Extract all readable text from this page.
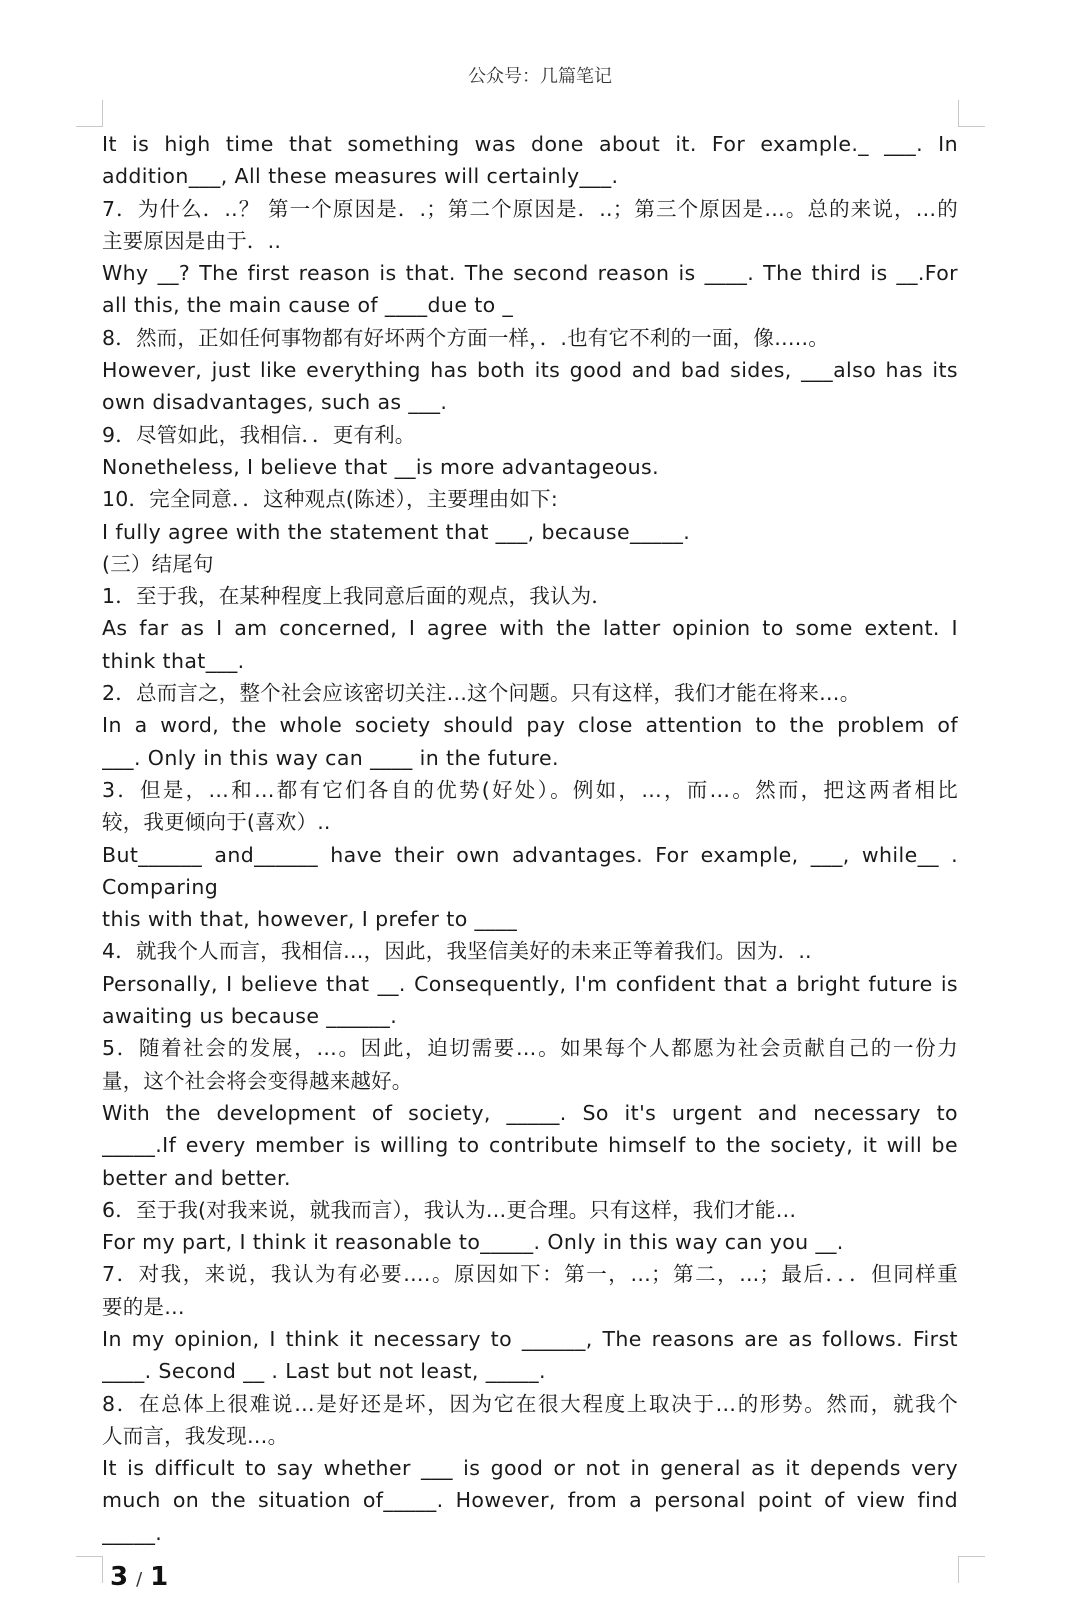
公众号：几篇笔记
It is high time that something was done about it. For example._ ___. In
addition___, All these measures will certainly___.
7．为什么．..？ 第一个原因是．.；第二个原因是．..；第三个原因是…。总的来说，…的
主要原因是由于．..
Why __? The first reason is that. The second reason is ____. The third is __.For
all this, the main cause of ____due to _
8．然而，正如任何事物都有好坏两个方面一样，．.也有它不利的一面，像…..。
However, just like everything has both its good and bad sides, ___also has its
own disadvantages, such as ___.
9．尽管如此，我相信．．更有利。
Nonetheless, I believe that __is more advantageous.
10．完全同意．．这种观点(陈述），主要理由如下:
I fully agree with the statement that ___, because_____.
(三）结尾句
1．至于我，在某种程度上我同意后面的观点，我认为．
As far as I am concerned, I agree with the latter opinion to some extent. I
think that___.
2．总而言之，整个社会应该密切关注…这个问题。只有这样，我们才能在将来…。
In a word, the whole society should pay close attention to the problem of
___. Only in this way can ____ in the future.
3．但是，…和…都有它们各自的优势(好处）。例如，…，而…。然而，把这两者相比
较，我更倾向于(喜欢）..
But______ and______ have their own advantages. For example, ___, while__ .
Comparing
this with that, however, I prefer to ____
4．就我个人而言，我相信…，因此，我坚信美好的未来正等着我们。因为．..
Personally, I believe that __. Consequently, I'm confident that a bright future is
awaiting us because ______.
5．随着社会的发展，…。因此，迫切需要…。如果每个人都愿为社会贡献自己的一份力
量，这个社会将会变得越来越好。
With the development of society, _____. So it's urgent and necessary to
_____.If every member is willing to contribute himself to the society, it will be
better and better.
6．至于我(对我来说，就我而言），我认为…更合理。只有这样，我们才能…
For my part, I think it reasonable to_____. Only in this way can you __.
7．对我，来说，我认为有必要….。原因如下：第一，…；第二，...；最后．．．但同样重
要的是…
In my opinion, I think it necessary to ______, The reasons are as follows. First
____. Second __ . Last but not least, _____.
8．在总体上很难说…是好还是坏，因为它在很大程度上取决于…的形势。然而，就我个
人而言，我发现…。
It is difficult to say whether ___ is good or not in general as it depends very
much on the situation of_____. However, from a personal point of view find
_____.
3 / 1
